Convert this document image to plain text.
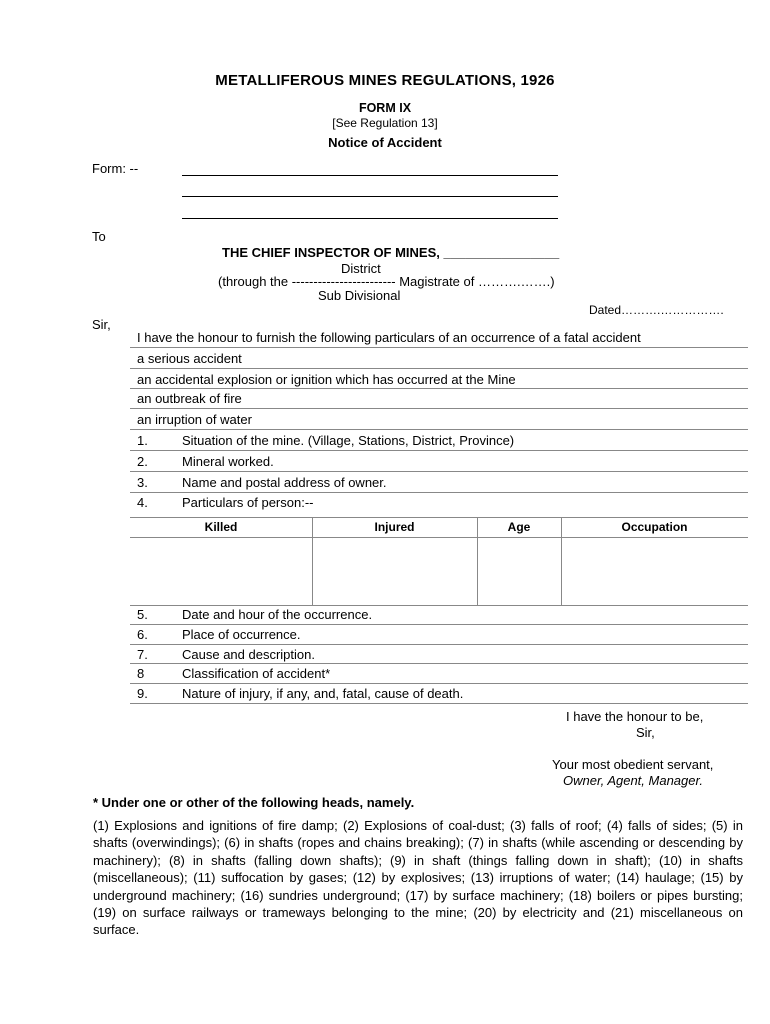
METALLIFEROUS MINES REGULATIONS, 1926
FORM IX
[See Regulation 13]
Notice of Accident
Form: --
To
THE CHIEF INSPECTOR OF MINES, ________________
District
(through the ------------------------ Magistrate of ……….…….)
Sub Divisional
Dated……….…………….
Sir,
I have the honour to furnish the following particulars of an occurrence of a fatal accident
a serious accident
an accidental explosion or ignition which has occurred at the Mine
an outbreak of fire
an irruption of water
1.	Situation of the mine. (Village, Stations, District, Province)
2.	Mineral worked.
3.	Name and postal address of owner.
4.	Particulars of person:--
Killed	Injured	Age	Occupation
5.	Date and hour of the occurrence.
6.	Place of occurrence.
7.	Cause and description.
8	Classification of accident*
9.	Nature of injury, if any, and, fatal, cause of death.
I have the honour to be,
Sir,
Your most obedient servant,
Owner, Agent, Manager.
* Under one or other of the following heads, namely.
(1) Explosions and ignitions of fire damp; (2) Explosions of coal-dust; (3) falls of roof; (4) falls of sides; (5) in shafts (overwindings); (6) in shafts (ropes and chains breaking); (7) in shafts (while ascending or descending by machinery); (8) in shafts (falling down shafts); (9) in shaft (things falling down in shaft); (10) in shafts (miscellaneous); (11) suffocation by gases; (12) by explosives; (13) irruptions of water; (14) haulage; (15) by underground machinery; (16) sundries underground; (17) by surface machinery; (18) boilers or pipes bursting; (19) on surface railways or trameways belonging to the mine; (20) by electricity and (21) miscellaneous on surface.
